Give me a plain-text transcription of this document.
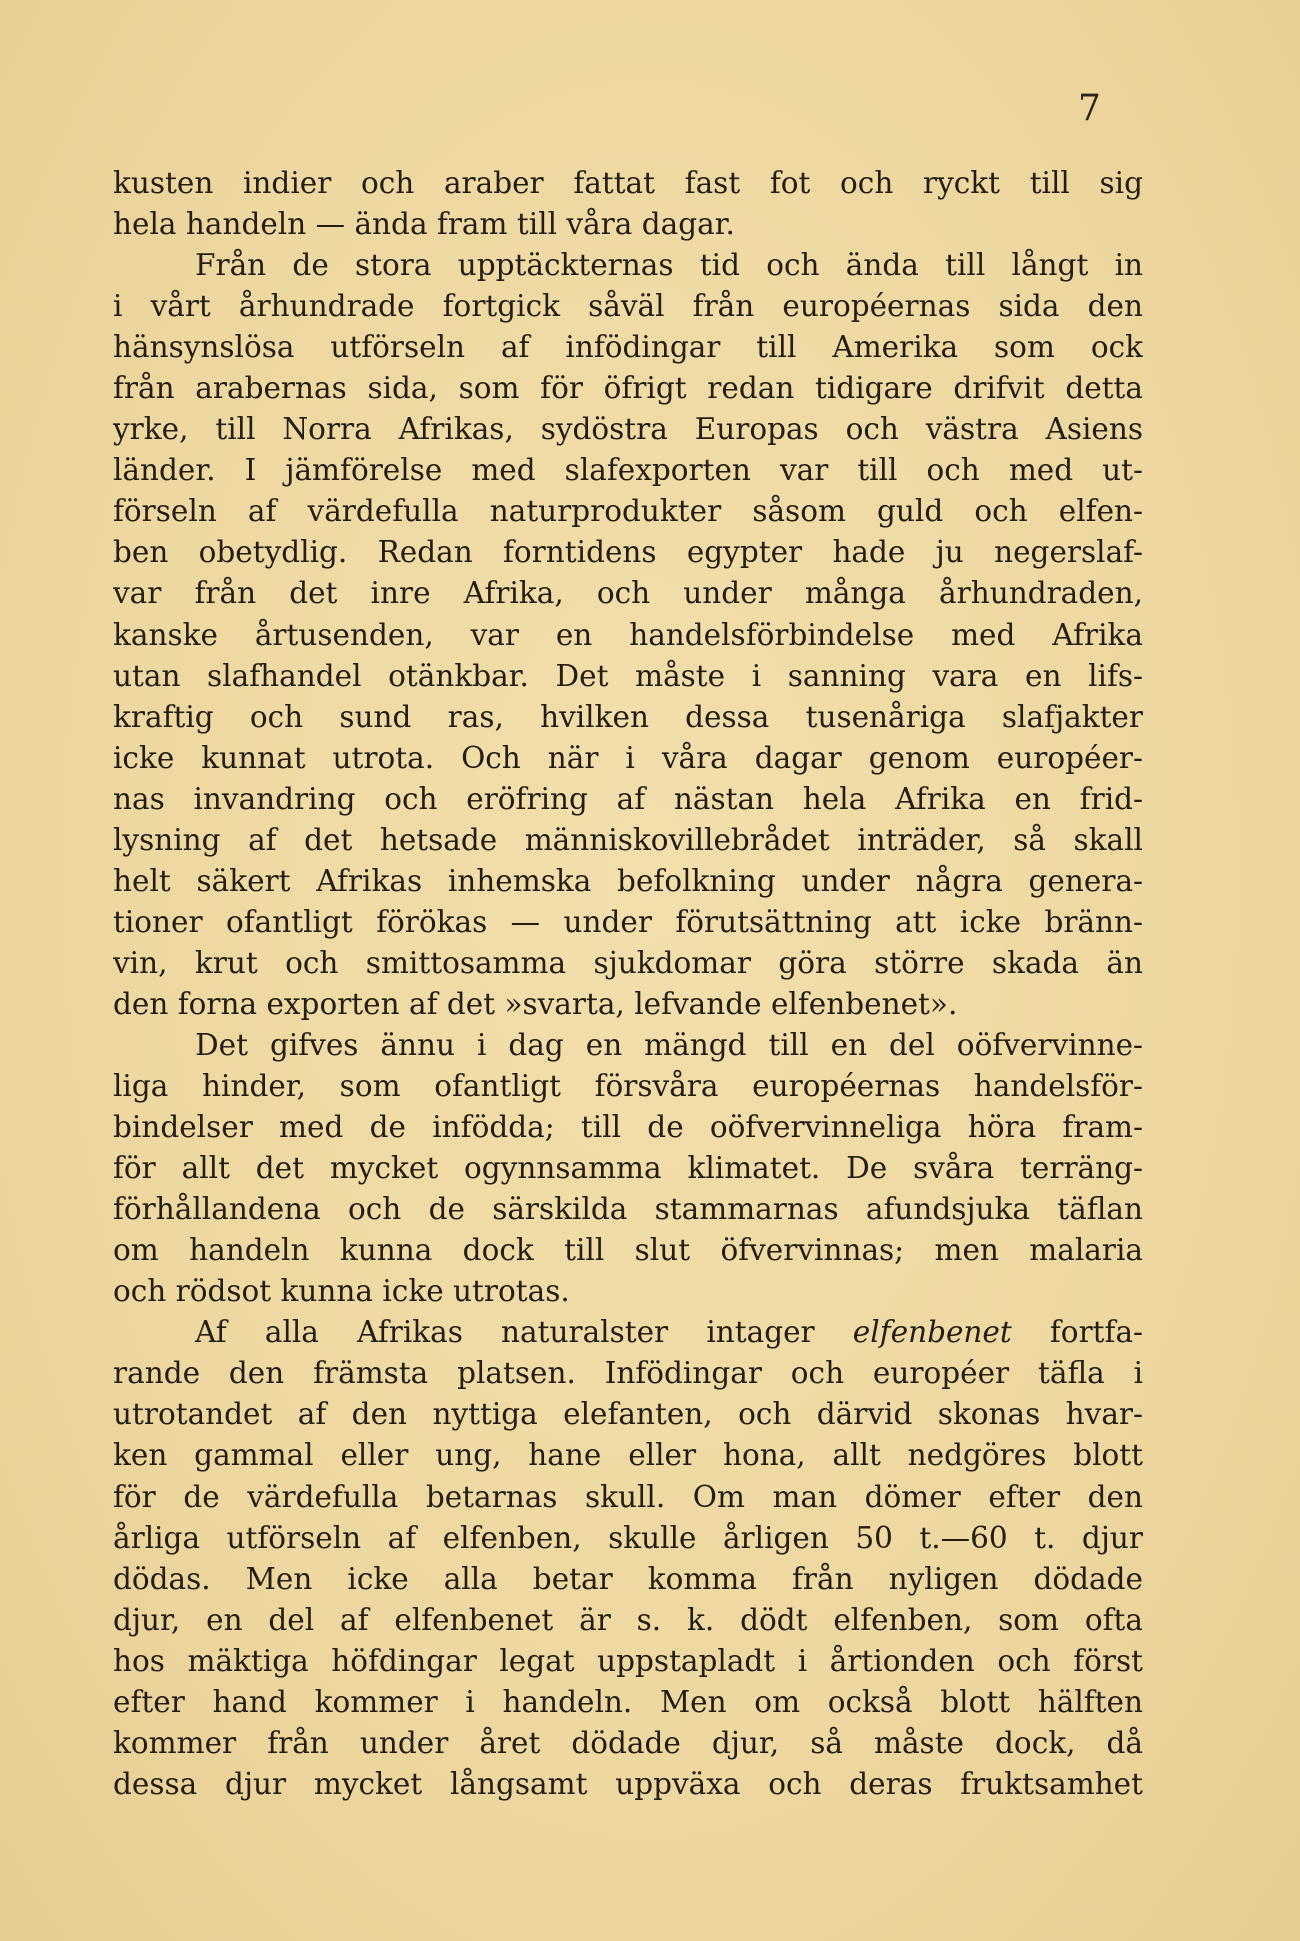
7
kusten indier och araber fattat fast fot och ryckt till sig
hela handeln — ända fram till våra dagar.
Från de stora upptäckternas tid och ända till långt in
i vårt århundrade fortgick såväl från européernas sida den
hänsynslösa utförseln af infödingar till Amerika som ock
från arabernas sida, som för öfrigt redan tidigare drifvit detta
yrke, till Norra Afrikas, sydöstra Europas och västra Asiens
länder. I jämförelse med slafexporten var till och med ut-
förseln af värdefulla naturprodukter såsom guld och elfen-
ben obetydlig. Redan forntidens egypter hade ju negerslaf-
var från det inre Afrika, och under många århundraden,
kanske årtusenden, var en handelsförbindelse med Afrika
utan slafhandel otänkbar. Det måste i sanning vara en lifs-
kraftig och sund ras, hvilken dessa tusenåriga slafjakter
icke kunnat utrota. Och när i våra dagar genom européer-
nas invandring och eröfring af nästan hela Afrika en frid-
lysning af det hetsade människovillebrådet inträder, så skall
helt säkert Afrikas inhemska befolkning under några genera-
tioner ofantligt förökas — under förutsättning att icke bränn-
vin, krut och smittosamma sjukdomar göra större skada än
den forna exporten af det »svarta, lefvande elfenbenet».
Det gifves ännu i dag en mängd till en del oöfvervinne-
liga hinder, som ofantligt försvåra européernas handelsför-
bindelser med de infödda; till de oöfvervinneliga höra fram-
för allt det mycket ogynnsamma klimatet. De svåra terräng-
förhållandena och de särskilda stammarnas afundsjuka täflan
om handeln kunna dock till slut öfvervinnas; men malaria
och rödsot kunna icke utrotas.
Af alla Afrikas naturalster intager elfenbenet fortfa-
rande den främsta platsen. Infödingar och européer täfla i
utrotandet af den nyttiga elefanten, och därvid skonas hvar-
ken gammal eller ung, hane eller hona, allt nedgöres blott
för de värdefulla betarnas skull. Om man dömer efter den
årliga utförseln af elfenben, skulle årligen 50 t.—60 t. djur
dödas. Men icke alla betar komma från nyligen dödade
djur, en del af elfenbenet är s. k. dödt elfenben, som ofta
hos mäktiga höfdingar legat uppstapladt i årtionden och först
efter hand kommer i handeln. Men om också blott hälften
kommer från under året dödade djur, så måste dock, då
dessa djur mycket långsamt uppväxa och deras fruktsamhet
